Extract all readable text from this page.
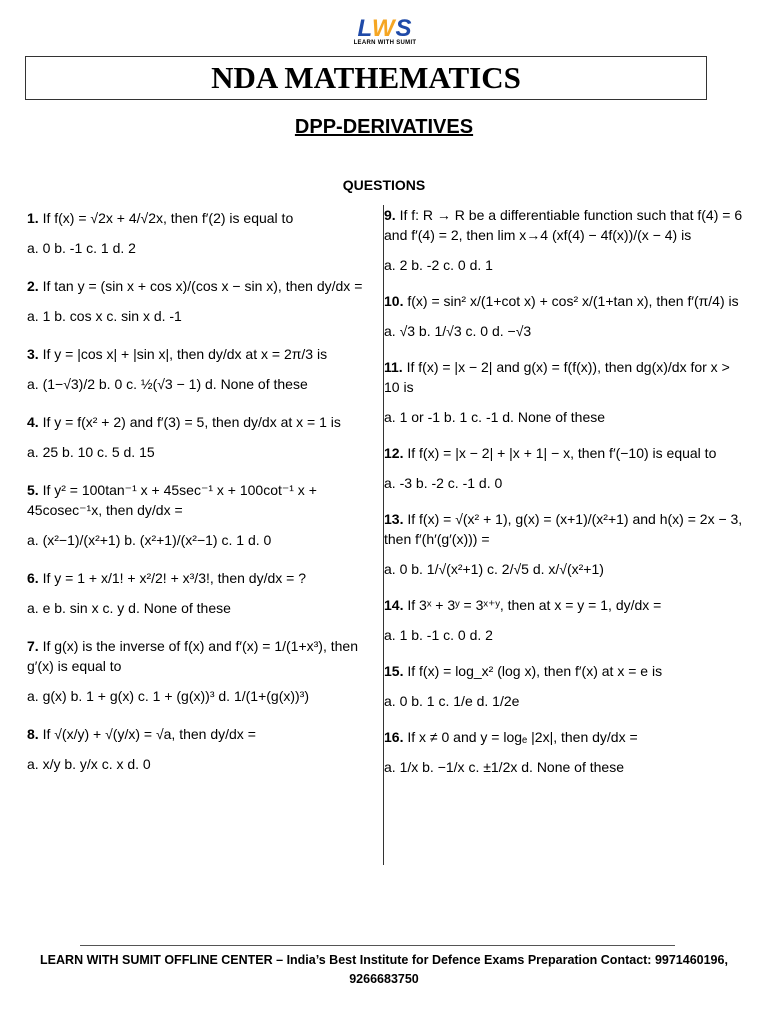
LWS
LEARN WITH SUMIT
NDA MATHEMATICS
DPP-DERIVATIVES
QUESTIONS
1. If f(x) = √2x + 4/√2x, then f′(2) is equal to
a. 0 b. -1 c. 1 d. 2
2. If tan y = (sin x + cos x)/(cos x − sin x), then dy/dx =
a. 1 b. cos x c. sin x d. -1
3. If y = |cos x| + |sin x|, then dy/dx at x = 2π/3 is
a. (1−√3)/2 b. 0 c. ½(√3 − 1) d. None of these
4. If y = f(x² + 2) and f′(3) = 5, then dy/dx at x = 1 is
a. 25 b. 10 c. 5 d. 15
5. If y² = 100tan⁻¹ x + 45sec⁻¹ x + 100cot⁻¹ x + 45cosec⁻¹x, then dy/dx =
a. (x²−1)/(x²+1) b. (x²+1)/(x²−1) c. 1 d. 0
6. If y = 1 + x/1! + x²/2! + x³/3!, then dy/dx = ?
a. e b. sin x c. y d. None of these
7. If g(x) is the inverse of f(x) and f′(x) = 1/(1+x³), then g′(x) is equal to
a. g(x) b. 1 + g(x) c. 1 + (g(x))³ d. 1/(1+(g(x))³)
8. If √(x/y) + √(y/x) = √a, then dy/dx =
a. x/y b. y/x c. x d. 0
9. If f: R → R be a differentiable function such that f(4) = 6 and f′(4) = 2, then lim x→4 (xf(4) − 4f(x))/(x − 4) is
a. 2 b. -2 c. 0 d. 1
10. f(x) = sin² x/(1+cot x) + cos² x/(1+tan x), then f′(π/4) is
a. √3 b. 1/√3 c. 0 d. −√3
11. If f(x) = |x − 2| and g(x) = f(f(x)), then dg(x)/dx for x > 10 is
a. 1 or -1 b. 1 c. -1 d. None of these
12. If f(x) = |x − 2| + |x + 1| − x, then f′(−10) is equal to
a. -3 b. -2 c. -1 d. 0
13. If f(x) = √(x² + 1), g(x) = (x+1)/(x²+1) and h(x) = 2x − 3, then f′(h′(g′(x))) =
a. 0 b. 1/√(x²+1) c. 2/√5 d. x/√(x²+1)
14. If 3ˣ + 3ʸ = 3ˣ⁺ʸ, then at x = y = 1, dy/dx =
a. 1 b. -1 c. 0 d. 2
15. If f(x) = log_x² (log x), then f′(x) at x = e is
a. 0 b. 1 c. 1/e d. 1/2e
16. If x ≠ 0 and y = logₑ |2x|, then dy/dx =
a. 1/x b. −1/x c. ±1/2x d. None of these
LEARN WITH SUMIT OFFLINE CENTER – India’s Best Institute for Defence Exams Preparation Contact: 9971460196,
9266683750
